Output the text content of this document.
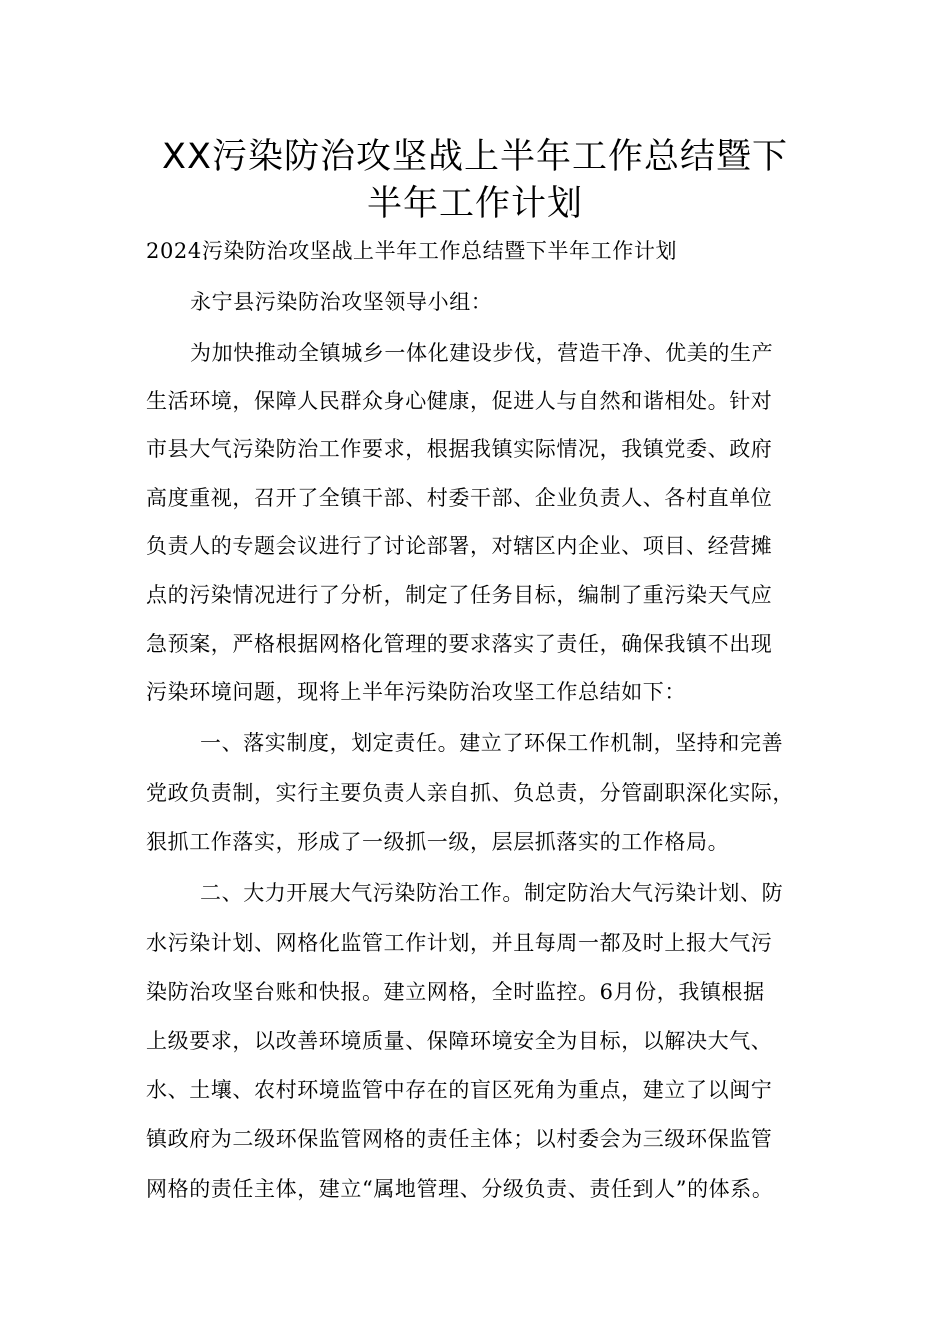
XX污染防治攻坚战上半年工作总结暨下
半年工作计划
2024污染防治攻坚战上半年工作总结暨下半年工作计划
永宁县污染防治攻坚领导小组：
为加快推动全镇城乡一体化建设步伐，营造干净、优美的生产
生活环境，保障人民群众身心健康，促进人与自然和谐相处。针对
市县大气污染防治工作要求，根据我镇实际情况，我镇党委、政府
高度重视，召开了全镇干部、村委干部、企业负责人、各村直单位
负责人的专题会议进行了讨论部署，对辖区内企业、项目、经营摊
点的污染情况进行了分析，制定了任务目标，编制了重污染天气应
急预案，严格根据网格化管理的要求落实了责任，确保我镇不出现
污染环境问题，现将上半年污染防治攻坚工作总结如下：
一、落实制度，划定责任。建立了环保工作机制，坚持和完善
党政负责制，实行主要负责人亲自抓、负总责，分管副职深化实际，
狠抓工作落实，形成了一级抓一级，层层抓落实的工作格局。
二、大力开展大气污染防治工作。制定防治大气污染计划、防
水污染计划、网格化监管工作计划，并且每周一都及时上报大气污
染防治攻坚台账和快报。建立网格，全时监控。6月份，我镇根据
上级要求，以改善环境质量、保障环境安全为目标，以解决大气、
水、土壤、农村环境监管中存在的盲区死角为重点，建立了以闽宁
镇政府为二级环保监管网格的责任主体；以村委会为三级环保监管
网格的责任主体，建立“属地管理、分级负责、责任到人”的体系。
